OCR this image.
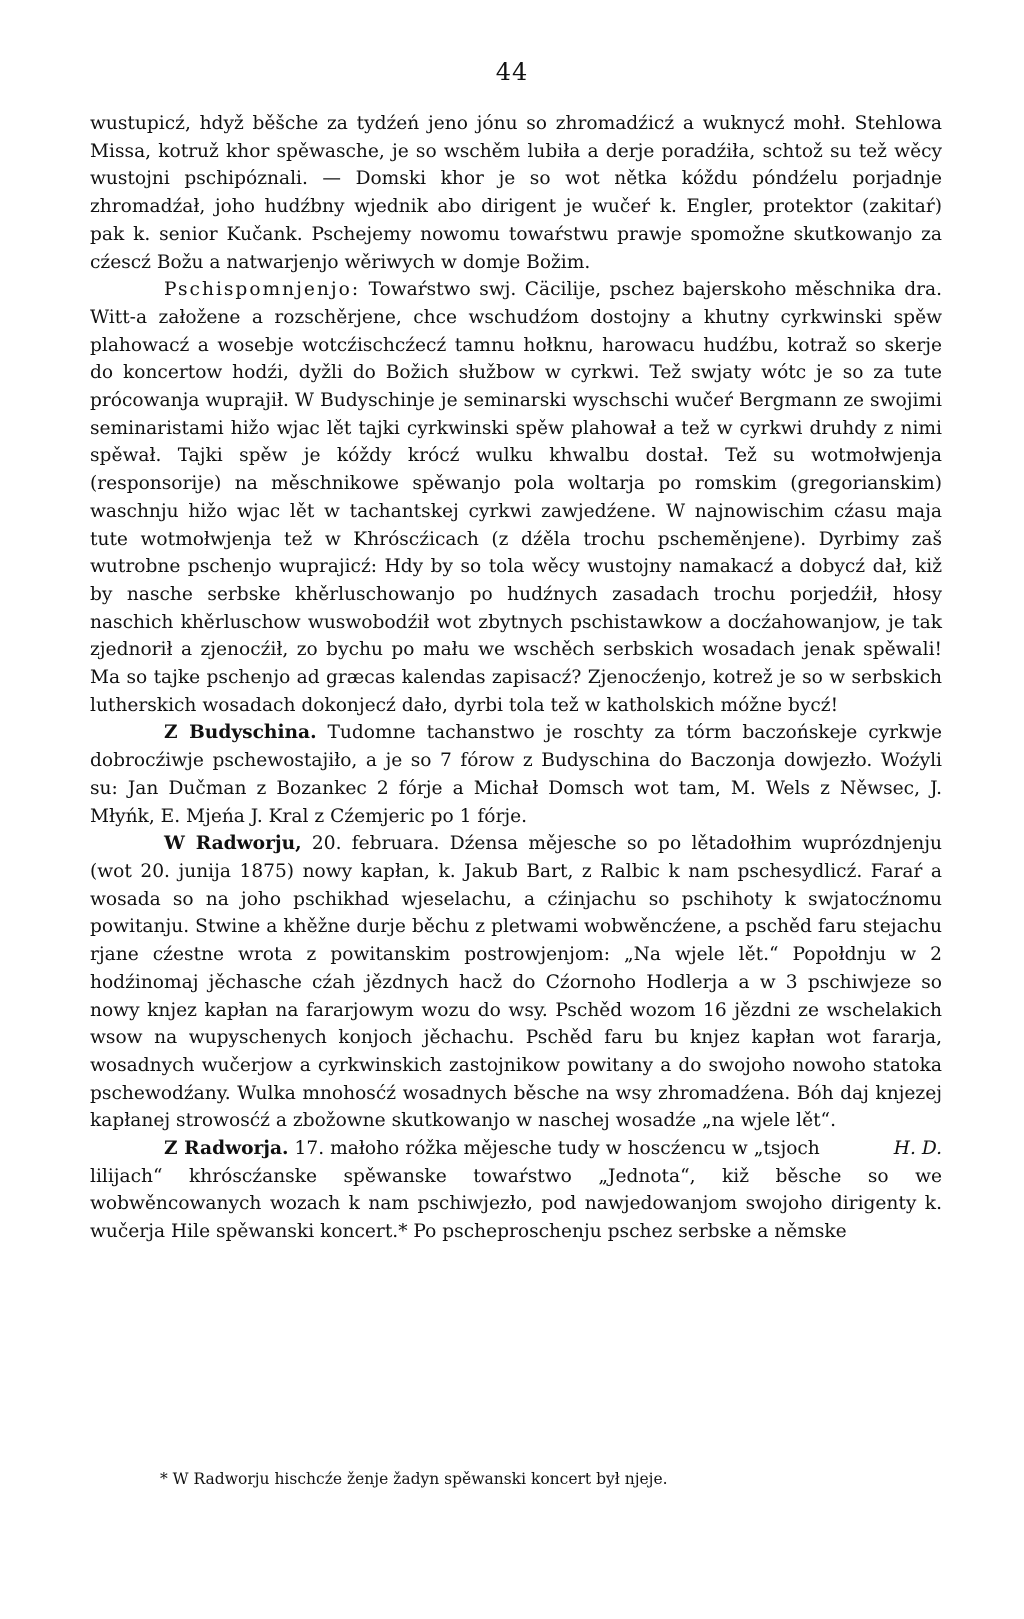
44

wustupicź, hdyž běšche za tydźeń jeno jónu so zhromadźicź a wuknycź mohł. Stehlowa Missa, kotruž khor spěwasche, je so wschěm lubiła a derje poradźiła, schtož su tež wěcy wustojni pschipóznali. — Domski khor je so wot nětka kóždu póndźelu porjadnje zhromadźał, joho hudźbny wjednik abo dirigent je wučeŕ k. Engler, protektor (zakitaŕ) pak k. senior Kučank. Pschejemy nowomu towaŕstwu prawje spomožne skutkowanjo za cźescź Božu a natwarjenjo wěriwych w domje Božim.

Pschispomnjenjo: Towaŕstwo swj. Cäcilije, pschez bajerskoho měschnika dra. Witt-a załožene a rozschěrjene, chce wschudźom dostojny a khutny cyrkwinski spěw plahowacź a wosebje wotcźischcźecź tamnu hołknu, harowacu hudźbu, kotraž so skerje do koncertow hodźi, dyžli do Božich słužbow w cyrkwi. Tež swjaty wótc je so za tute prócowanja wuprajił. W Budyschinje je seminarski wyschschi wučeŕ Bergmann ze swojimi seminaristami hižo wjac lět tajki cyrkwinski spěw plahował a tež w cyrkwi druhdy z nimi spěwał. Tajki spěw je kóždy krócź wulku khwalbu dostał. Tež su wotmołwjenja (responsorije) na měschnikowe spěwanjo pola woltarja po romskim (gregorianskim) waschnju hižo wjac lět w tachantskej cyrkwi zawjedźene. W najnowischim cźasu maja tute wotmołwjenja tež w Khróscźicach (z dźěla trochu pscheměnjene). Dyrbimy zaš wutrobne pschenjo wuprajicź: Hdy by so tola wěcy wustojny namakacź a dobycź dał, kiž by nasche serbske khěrluschowanjo po hudźnych zasadach trochu porjedźił, hłosy naschich khěrluschow wuswobodźił wot zbytnych pschistawkow a docźahowanjow, je tak zjednorił a zjenocźił, zo bychu po mału we wschěch serbskich wosadach jenak spěwali! Ma so tajke pschenjo ad græcas kalendas zapisacź? Zjenocźenjo, kotrež je so w serbskich lutherskich wosadach dokonjecź dało, dyrbi tola tež w katholskich móžne bycź!

Z Budyschina. Tudomne tachanstwo je roschty za tórm baczońskeje cyrkwje dobrocźiwje pschewostajiło, a je so 7 fórow z Budyschina do Baczonja dowjezło. Woźyli su: Jan Dučman z Bozankec 2 fórje a Michał Domsch wot tam, M. Wels z Něwsec, J. Młyńk, E. Mjeńa J. Kral z Cźemjeric po 1 fórje.

W Radworju, 20. februara. Dźensa mějesche so po lětadołhim wuprózdnjenju (wot 20. junija 1875) nowy kapłan, k. Jakub Bart, z Ralbic k nam pschesydlicź. Faraŕ a wosada so na joho pschikhad wjeselachu, a cźinjachu so pschihoty k swjatocźnomu powitanju. Stwine a khěžne durje běchu z pletwami wobwěncźene, a pschěd faru stejachu rjane cźestne wrota z powitanskim postrowjenjom: „Na wjele lět.“ Popołdnju w 2 hodźinomaj jěchasche cźah jězdnych hacž do Cźornoho Hodlerja a w 3 pschiwjeze so nowy knjez kapłan na fararjowym wozu do wsy. Pschěd wozom 16 jězdni ze wschelakich wsow na wupyschenych konjoch jěchachu. Pschěd faru bu knjez kapłan wot fararja, wosadnych wučerjow a cyrkwinskich zastojnikow powitany a do swojoho nowoho statoka pschewodźany. Wulka mnohosćź wosadnych běsche na wsy zhromadźena. Bóh daj knjezej kapłanej strowosćź a zbožowne skutkowanjo w naschej wosadźe „na wjele lět“.
H. D.

Z Radworja. 17. małoho róžka mějesche tudy w hoscźencu w „tsjoch lilijach“ khróscźanske spěwanske towaŕstwo „Jednota“, kiž běsche so we wobwěncowanych wozach k nam pschiwjezło, pod nawjedowanjom swojoho dirigenty k. wučerja Hile spěwanski koncert.* Po pscheproschenju pschez serbske a němske

* W Radworju hischcźe ženje žadyn spěwanski koncert był njeje.
